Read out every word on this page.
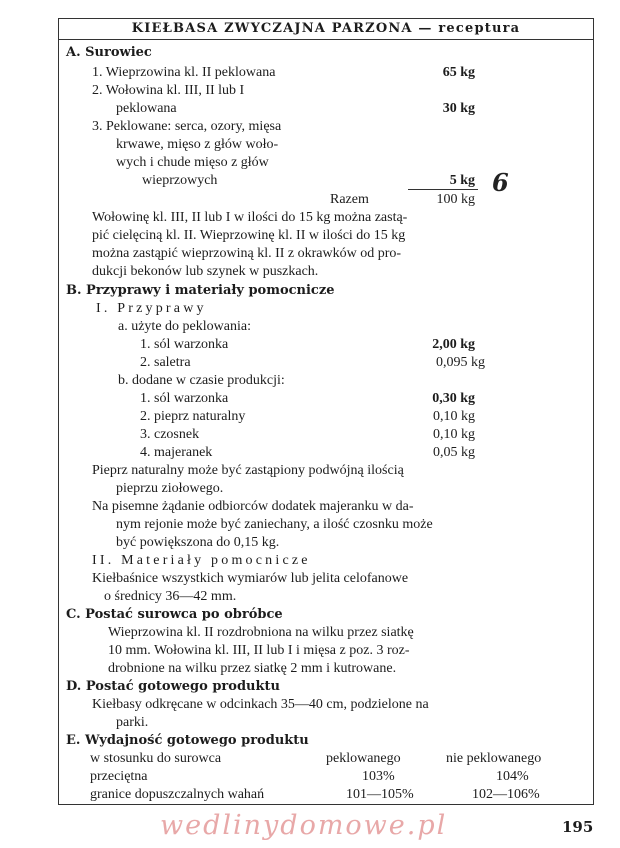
KIEŁBASA ZWYCZAJNA PARZONA — receptura
A. Surowiec
1. Wieprzowina kl. II peklowana	65 kg
2. Wołowina kl. III, II lub I
peklowana	30 kg
3. Peklowane: serca, ozory, mięsa
krwawe, mięso z głów woło-
wych i chude mięso z głów
wieprzowych	5 kg 6
Razem	100 kg
Wołowinę kl. III, II lub I w ilości do 15 kg można zastą-
pić cielęciną kl. II. Wieprzowinę kl. II w ilości do 15 kg
można zastąpić wieprzowiną kl. II z okrawków od pro-
dukcji bekonów lub szynek w puszkach.
B. Przyprawy i materiały pomocnicze
I. Przyprawy
a. użyte do peklowania:
1. sól warzonka	2,00 kg
2. saletra	0,095 kg
b. dodane w czasie produkcji:
1. sól warzonka	0,30 kg
2. pieprz naturalny	0,10 kg
3. czosnek	0,10 kg
4. majeranek	0,05 kg
Pieprz naturalny może być zastąpiony podwójną ilością
pieprzu ziołowego.
Na pisemne żądanie odbiorców dodatek majeranku w da-
nym rejonie może być zaniechany, a ilość czosnku może
być powiększona do 0,15 kg.
II. Materiały pomocnicze
Kiełbaśnice wszystkich wymiarów lub jelita celofanowe
o średnicy 36—42 mm.
C. Postać surowca po obróbce
Wieprzowina kl. II rozdrobniona na wilku przez siatkę
10 mm. Wołowina kl. III, II lub I i mięsa z poz. 3 roz-
drobnione na wilku przez siatkę 2 mm i kutrowane.
D. Postać gotowego produktu
Kiełbasy odkręcane w odcinkach 35—40 cm, podzielone na
parki.
E. Wydajność gotowego produktu
w stosunku do surowca	peklowanego	nie peklowanego
przeciętna	103%	104%
granice dopuszczalnych wahań	101—105%	102—106%
wedlinydomowe.pl	195
